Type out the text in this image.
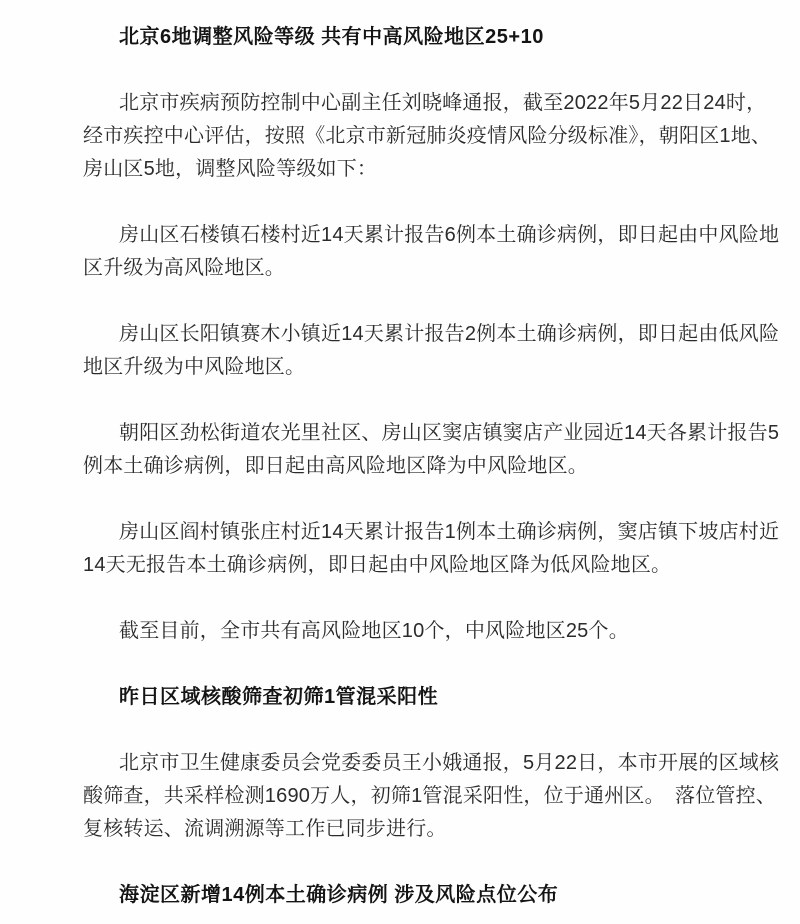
北京6地调整风险等级 共有中高风险地区25+10

北京市疾病预防控制中心副主任刘晓峰通报，截至2022年5月22日24时，
经市疾控中心评估，按照《北京市新冠肺炎疫情风险分级标准》，朝阳区1地、
房山区5地，调整风险等级如下：

房山区石楼镇石楼村近14天累计报告6例本土确诊病例，即日起由中风险地
区升级为高风险地区。

房山区长阳镇赛木小镇近14天累计报告2例本土确诊病例，即日起由低风险
地区升级为中风险地区。

朝阳区劲松街道农光里社区、房山区窦店镇窦店产业园近14天各累计报告5
例本土确诊病例，即日起由高风险地区降为中风险地区。

房山区阎村镇张庄村近14天累计报告1例本土确诊病例，窦店镇下坡店村近
14天无报告本土确诊病例，即日起由中风险地区降为低风险地区。

截至目前，全市共有高风险地区10个，中风险地区25个。

昨日区域核酸筛查初筛1管混采阳性

北京市卫生健康委员会党委委员王小娥通报，5月22日，本市开展的区域核
酸筛查，共采样检测1690万人，初筛1管混采阳性，位于通州区。　落位管控、
复核转运、流调溯源等工作已同步进行。

海淀区新增14例本土确诊病例 涉及风险点位公布
